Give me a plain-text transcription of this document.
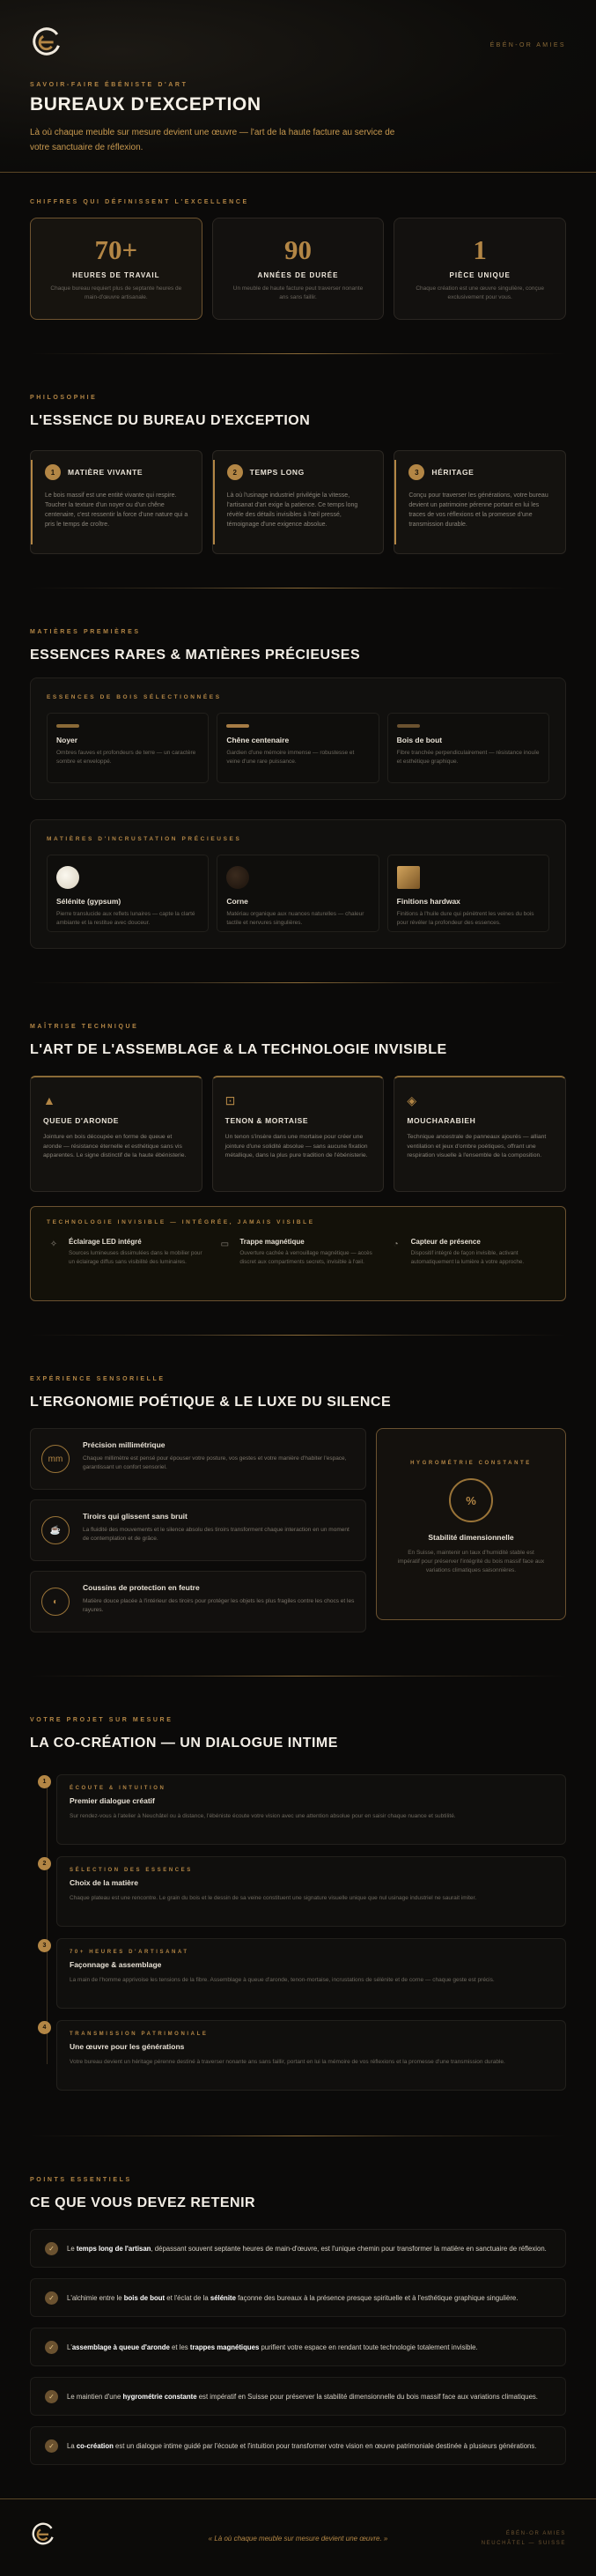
ÉBÉN-OR AMIES
SAVOIR-FAIRE ÉBÉNISTE D'ART
BUREAUX D'EXCEPTION

Là où chaque meuble sur mesure devient une œuvre — l'art de la haute facture au service de votre sanctuaire de réflexion.

CHIFFRES QUI DÉFINISSENT L'EXCELLENCE
70+
HEURES DE TRAVAIL
Chaque bureau requiert plus de septante heures de main-d'œuvre artisanale.
90
ANNÉES DE DURÉE
Un meuble de haute facture peut traverser nonante ans sans faillir.
1
PIÈCE UNIQUE
Chaque création est une œuvre singulière, conçue exclusivement pour vous.
PHILOSOPHIE
L'ESSENCE DU BUREAU D'EXCEPTION
1 MATIÈRE VIVANTE
Le bois massif est une entité vivante qui respire. Toucher la texture d'un noyer ou d'un chêne centenaire, c'est ressentir la force d'une nature qui a pris le temps de croître.
2 TEMPS LONG
Là où l'usinage industriel privilégie la vitesse, l'artisanat d'art exige la patience. Ce temps long révèle des détails invisibles à l'œil pressé, témoignage d'une exigence absolue.
3 HÉRITAGE
Conçu pour traverser les générations, votre bureau devient un patrimoine pérenne portant en lui les traces de vos réflexions et la promesse d'une transmission durable.
MATIÈRES PREMIÈRES
ESSENCES RARES & MATIÈRES PRÉCIEUSES
ESSENCES DE BOIS SÉLECTIONNÉES
Noyer
Ombres fauves et profondeurs de terre — un caractère sombre et enveloppé.
Chêne centenaire
Gardien d'une mémoire immense — robustesse et veine d'une rare puissance.
Bois de bout
Fibre tranchée perpendiculairement — résistance inouïe et esthétique graphique.
MATIÈRES D'INCRUSTATION PRÉCIEUSES
Sélénite (gypsum)
Pierre translucide aux reflets lunaires — capte la clarté ambiante et la restitue avec douceur.
Corne
Matériau organique aux nuances naturelles — chaleur tactile et nervures singulières.
Finitions hardwax
Finitions à l'huile dure qui pénètrent les veines du bois pour révéler la profondeur des essences.
MAÎTRISE TECHNIQUE
L'ART DE L'ASSEMBLAGE & LA TECHNOLOGIE INVISIBLE
▲
QUEUE D'ARONDE
Jointure en bois découpée en forme de queue et aronde — résistance éternelle et esthétique sans vis apparentes. Le signe distinctif de la haute ébénisterie.
⊡
TENON & MORTAISE
Un tenon s'insère dans une mortaise pour créer une jointure d'une solidité absolue — sans aucune fixation métallique, dans la plus pure tradition de l'ébénisterie.
◈
MOUCHARABIEH
Technique ancestrale de panneaux ajourés — alliant ventilation et jeux d'ombre poétiques, offrant une respiration visuelle à l'ensemble de la composition.
TECHNOLOGIE INVISIBLE — INTÉGRÉE, JAMAIS VISIBLE
✧	Éclairage LED intégré
Sources lumineuses dissimulées dans le mobilier pour un éclairage diffus sans visibilité des luminaires.
▭	Trappe magnétique
Ouverture cachée à verrouillage magnétique — accès discret aux compartiments secrets, invisible à l'œil.
◔	Capteur de présence
Dispositif intégré de façon invisible, activant automatiquement la lumière à votre approche.
EXPÉRIENCE SENSORIELLE
L'ERGONOMIE POÉTIQUE & LE LUXE DU SILENCE
mm
Précision millimétrique
Chaque millimètre est pensé pour épouser votre posture, vos gestes et votre manière d'habiter l'espace, garantissant un confort sensoriel.
☕
Tiroirs qui glissent sans bruit
La fluidité des mouvements et le silence absolu des tiroirs transforment chaque interaction en un moment de contemplation et de grâce.
◐
Coussins de protection en feutre
Matière douce placée à l'intérieur des tiroirs pour protéger les objets les plus fragiles contre les chocs et les rayures.
HYGROMÉTRIE CONSTANTE
%
Stabilité dimensionnelle
En Suisse, maintenir un taux d'humidité stable est impératif pour préserver l'intégrité du bois massif face aux variations climatiques saisonnières.
VOTRE PROJET SUR MESURE
LA CO-CRÉATION — UN DIALOGUE INTIME
1
ÉCOUTE & INTUITION
Premier dialogue créatif
Sur rendez-vous à l'atelier à Neuchâtel ou à distance, l'ébéniste écoute votre vision avec une attention absolue pour en saisir chaque nuance et subtilité.
2
SÉLECTION DES ESSENCES
Choix de la matière
Chaque plateau est une rencontre. Le grain du bois et le dessin de sa veine constituent une signature visuelle unique que nul usinage industriel ne saurait imiter.
3
70+ HEURES D'ARTISANAT
Façonnage & assemblage
La main de l'homme apprivoise les tensions de la fibre. Assemblage à queue d'aronde, tenon-mortaise, incrustations de sélénite et de corne — chaque geste est précis.
4
TRANSMISSION PATRIMONIALE
Une œuvre pour les générations
Votre bureau devient un héritage pérenne destiné à traverser nonante ans sans faillir, portant en lui la mémoire de vos réflexions et la promesse d'une transmission durable.
POINTS ESSENTIELS
CE QUE VOUS DEVEZ RETENIR
✓	Le temps long de l'artisan, dépassant souvent septante heures de main-d'œuvre, est l'unique chemin pour transformer la matière en sanctuaire de réflexion.
✓	L'alchimie entre le bois de bout et l'éclat de la sélénite façonne des bureaux à la présence presque spirituelle et à l'esthétique graphique singulière.
✓	L'assemblage à queue d'aronde et les trappes magnétiques purifient votre espace en rendant toute technologie totalement invisible.
✓	Le maintien d'une hygrométrie constante est impératif en Suisse pour préserver la stabilité dimensionnelle du bois massif face aux variations climatiques.
✓	La co-création est un dialogue intime guidé par l'écoute et l'intuition pour transformer votre vision en œuvre patrimoniale destinée à plusieurs générations.
« Là où chaque meuble sur mesure devient une œuvre. »
ÉBÉN-OR AMIES
NEUCHÂTEL — SUISSE
